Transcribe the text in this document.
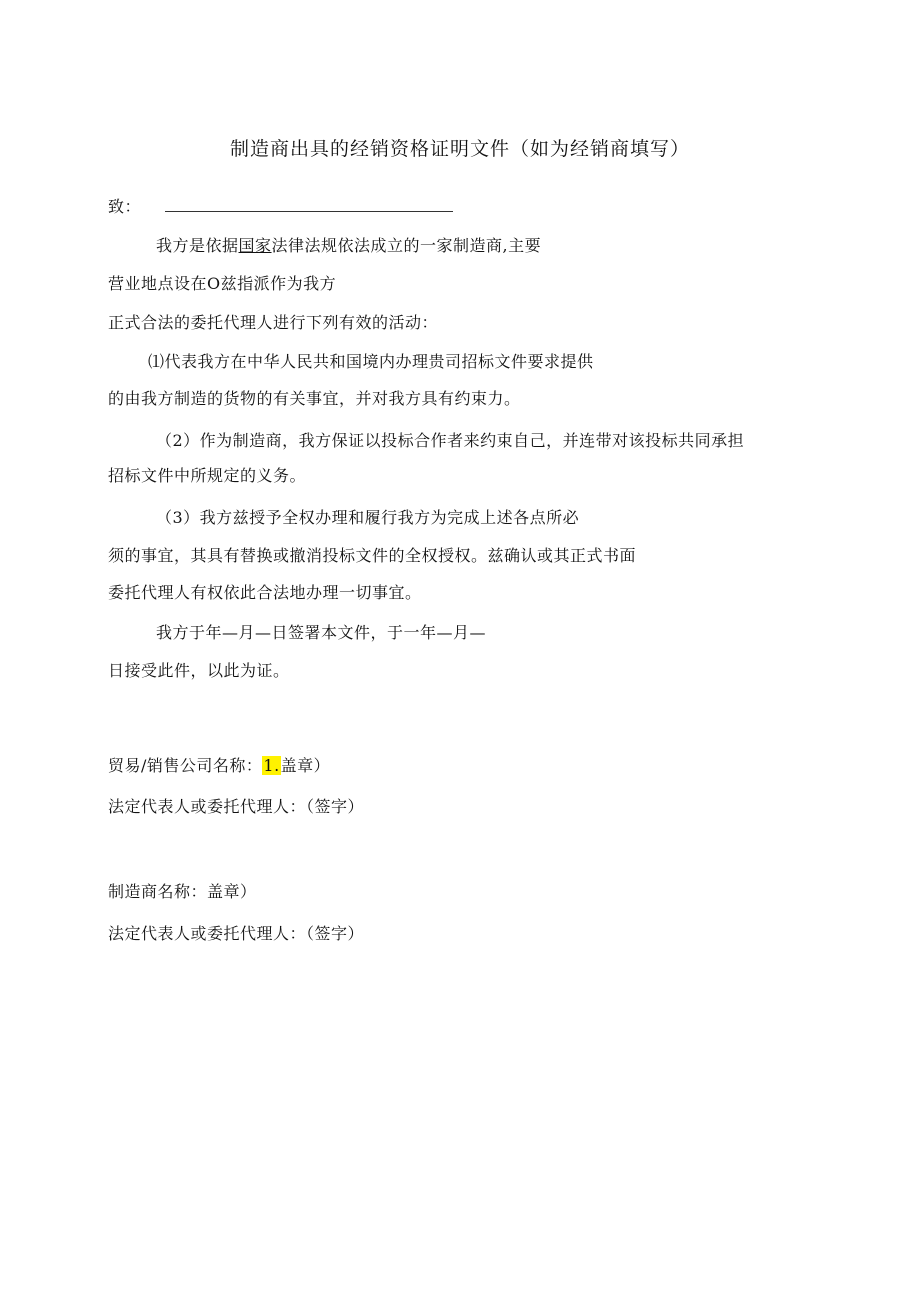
制造商出具的经销资格证明文件（如为经销商填写）
致：
我方是依据国家法律法规依法成立的一家制造商,主要
营业地点设在O兹指派作为我方
正式合法的委托代理人进行下列有效的活动：
⑴代表我方在中华人民共和国境内办理贵司招标文件要求提供
的由我方制造的货物的有关事宜，并对我方具有约束力。
（2）作为制造商，我方保证以投标合作者来约束自己，并连带对该投标共同承担
招标文件中所规定的义务。
（3）我方兹授予全权办理和履行我方为完成上述各点所必
须的事宜，其具有替换或撤消投标文件的全权授权。兹确认或其正式书面
委托代理人有权依此合法地办理一切事宜。
我方于年—月—日签署本文件，于一年—月—
日接受此件，以此为证。
贸易/销售公司名称：1.盖章）
法定代表人或委托代理人：（签字）
制造商名称：盖章）
法定代表人或委托代理人：（签字）
